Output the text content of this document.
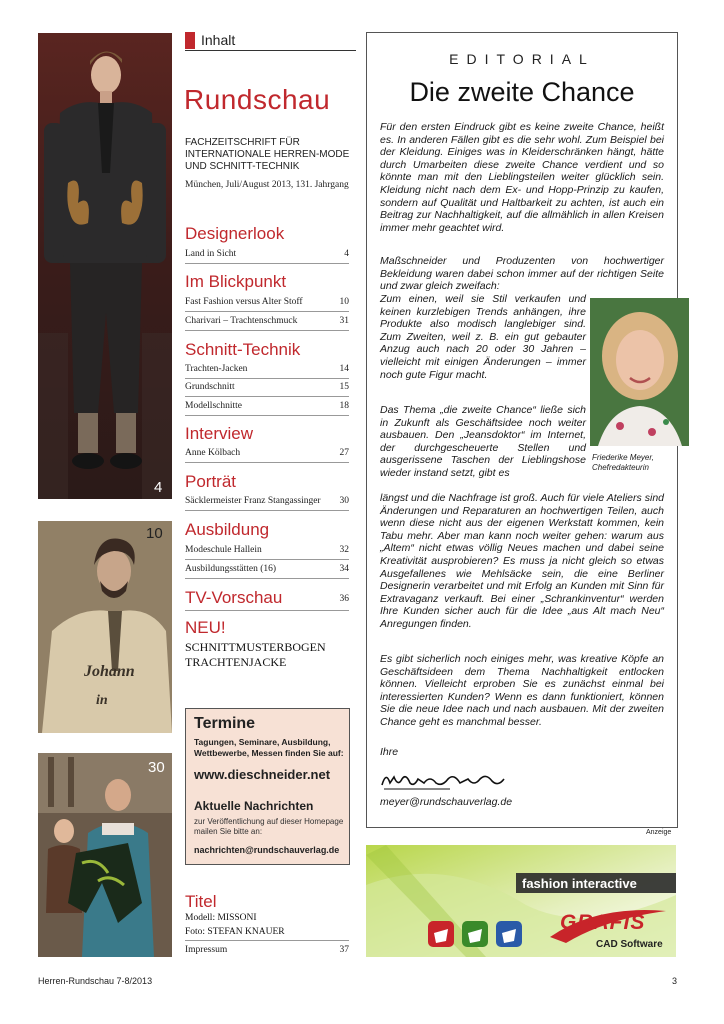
4
Johann
in
10
30
Inhalt
Rundschau
FACHZEITSCHRIFT FÜR INTERNATIONALE HERREN-MODE UND SCHNITT-TECHNIK
München, Juli/August 2013, 131. Jahrgang
Designerlook
Land in Sicht	4
Im Blickpunkt
Fast Fashion versus Alter Stoff	10
Charivari – Trachtenschmuck	31
Schnitt-Technik
Trachten-Jacken	14
Grundschnitt	15
Modellschnitte	18
Interview
Anne Kölbach	27
Porträt
Säcklermeister Franz Stangassinger 30
Ausbildung
Modeschule Hallein	32
Ausbildungsstätten (16)	34
TV-Vorschau	36
NEU!
SCHNITTMUSTERBOGEN
TRACHTENJACKE
Termine
Tagungen, Seminare, Ausbildung, Wettbewerbe, Messen finden Sie auf:
www.dieschneider.net
Aktuelle Nachrichten
zur Veröffentlichung auf dieser Homepage mailen Sie bitte an:
nachrichten@rundschauverlag.de
Titel
Modell: MISSONI
Foto: STEFAN KNAUER
Impressum	37
EDITORIAL
Die zweite Chance
Für den ersten Eindruck gibt es keine zweite Chance, heißt es. In anderen Fällen gibt es die sehr wohl. Zum Beispiel bei der Kleidung. Einiges was in Kleiderschränken hängt, hätte durch Umarbeiten diese zweite Chance verdient und so könnte man mit den Lieblingsteilen weiter glücklich sein. Kleidung nicht nach dem Ex- und Hopp-Prinzip zu kaufen, sondern auf Qualität und Haltbarkeit zu achten, ist auch ein Beitrag zur Nachhaltigkeit, auf die allmählich in allen Kreisen immer mehr geachtet wird.
Maßschneider und Produzenten von hochwertiger Bekleidung waren dabei schon immer auf der richtigen Seite und zwar gleich zweifach:
Zum einen, weil sie Stil verkaufen und keinen kurzlebigen Trends anhängen, ihre Produkte also modisch langlebiger sind. Zum Zweiten, weil z. B. ein gut gebauter Anzug auch nach 20 oder 30 Jahren – vielleicht mit einigen Änderungen – immer noch gute Figur macht.
Das Thema „die zweite Chance“ ließe sich in Zukunft als Geschäftsidee noch weiter ausbauen. Den „Jeansdoktor“ im Internet, der durchgescheuerte Stellen und ausgerissene Taschen der Lieblingshose wieder instand setzt, gibt es
längst und die Nachfrage ist groß. Auch für viele Ateliers sind Änderungen und Reparaturen an hochwertigen Teilen, auch wenn diese nicht aus der eigenen Werkstatt kommen, kein Tabu mehr. Aber man kann noch weiter gehen: warum aus „Altem“ nicht etwas völlig Neues machen und dabei seine Kreativität ausprobieren? Es muss ja nicht gleich so etwas Ausgefallenes wie Mehlsäcke sein, die eine Berliner Designerin verarbeitet und mit Erfolg an Kunden mit Sinn für Extravaganz verkauft. Bei einer „Schrankinventur“ werden Ihre Kunden sicher auch für die Idee „aus Alt mach Neu“ Anregungen finden.
Es gibt sicherlich noch einiges mehr, was kreative Köpfe an Geschäftsideen dem Thema Nachhaltigkeit entlocken können. Vielleicht erproben Sie es zunächst einmal bei interessierten Kunden? Wenn es dann funktioniert, können Sie die neue Idee nach und nach ausbauen. Mit der zweiten Chance geht es manchmal besser.
Ihre
Friederike Meyer,
Chefredakteurin
meyer@rundschauverlag.de
Anzeige
fashion interactive
GRAFIS
CAD Software
Herren-Rundschau 7-8/2013	3
